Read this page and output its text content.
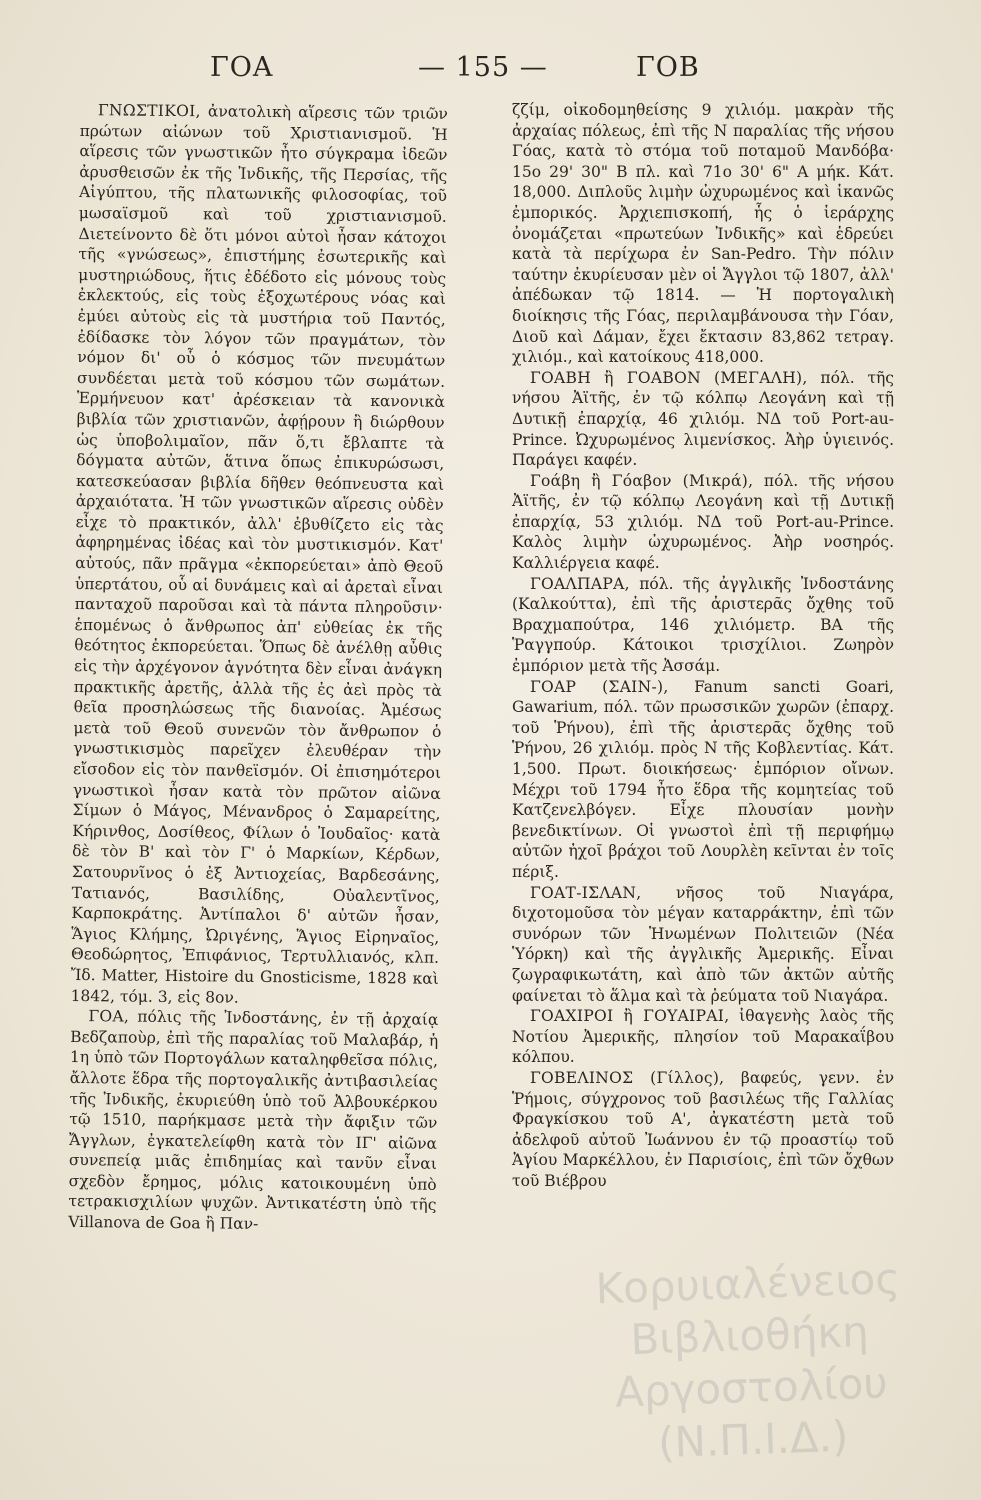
ΓΟΑ	— 155 —	ΓΟΒ

ΓΝΩΣΤΙΚΟΙ, ἀνατολικὴ αἵρεσις τῶν τριῶν πρώτων αἰώνων τοῦ Χριστιανισμοῦ. Ἡ αἵρεσις τῶν γνωστικῶν ἦτο σύγκραμα ἰδεῶν ἀρυσθεισῶν ἐκ τῆς Ἰνδικῆς, τῆς Περσίας, τῆς Αἰγύπτου, τῆς πλατωνικῆς φιλοσοφίας, τοῦ μωσαϊσμοῦ καὶ τοῦ χριστιανισμοῦ. Διετείνοντο δὲ ὅτι μόνοι αὐτοὶ ἦσαν κάτοχοι τῆς «γνώσεως», ἐπιστήμης ἐσωτερικῆς καὶ μυστηριώδους, ἥτις ἐδέδοτο εἰς μόνους τοὺς ἐκλεκτούς, εἰς τοὺς ἐξοχωτέρους νόας καὶ ἐμύει αὐτοὺς εἰς τὰ μυστήρια τοῦ Παντός, ἐδίδασκε τὸν λόγον τῶν πραγμάτων, τὸν νόμον δι' οὗ ὁ κόσμος τῶν πνευμάτων συνδέεται μετὰ τοῦ κόσμου τῶν σωμάτων. Ἑρμήνευον κατ' ἀρέσκειαν τὰ κανονικὰ βιβλία τῶν χριστιανῶν, ἀφῄρουν ἢ διώρθουν ὡς ὑποβολιμαῖον, πᾶν ὅ,τι ἔβλαπτε τὰ δόγματα αὐτῶν, ἅτινα ὅπως ἐπικυρώσωσι, κατεσκεύασαν βιβλία δῆθεν θεόπνευστα καὶ ἀρχαιότατα. Ἡ τῶν γνωστικῶν αἵρεσις οὐδὲν εἶχε τὸ πρακτικόν, ἀλλ' ἐβυθίζετο εἰς τὰς ἀφηρημένας ἰδέας καὶ τὸν μυστικισμόν. Κατ' αὐτούς, πᾶν πρᾶγμα «ἐκπορεύεται» ἀπὸ Θεοῦ ὑπερτάτου, οὗ αἱ δυνάμεις καὶ αἱ ἀρεταὶ εἶναι πανταχοῦ παροῦσαι καὶ τὰ πάντα πληροῦσιν· ἑπομένως ὁ ἄνθρωπος ἀπ' εὐθείας ἐκ τῆς θεότητος ἐκπορεύεται. Ὅπως δὲ ἀνέλθῃ αὖθις εἰς τὴν ἀρχέγονον ἁγνότητα δὲν εἶναι ἀνάγκη πρακτικῆς ἀρετῆς, ἀλλὰ τῆς ἐς ἀεὶ πρὸς τὰ θεῖα προσηλώσεως τῆς διανοίας. Ἀμέσως μετὰ τοῦ Θεοῦ συνενῶν τὸν ἄνθρωπον ὁ γνωστικισμὸς παρεῖχεν ἐλευθέραν τὴν εἴσοδον εἰς τὸν πανθεϊσμόν. Οἱ ἐπισημότεροι γνωστικοὶ ἦσαν κατὰ τὸν πρῶτον αἰῶνα Σίμων ὁ Μάγος, Μένανδρος ὁ Σαμαρείτης, Κήρινθος, Δοσίθεος, Φίλων ὁ Ἰουδαῖος· κατὰ δὲ τὸν Β' καὶ τὸν Γ' ὁ Μαρκίων, Κέρδων, Σατουρνῖνος ὁ ἐξ Ἀντιοχείας, Βαρδεσάνης, Τατιανός, Βασιλίδης, Οὐαλεντῖνος, Καρποκράτης. Ἀντίπαλοι δ' αὐτῶν ἦσαν, Ἅγιος Κλήμης, Ὠριγένης, Ἅγιος Εἰρηναῖος, Θεοδώρητος, Ἐπιφάνιος, Τερτυλλιανός, κλπ. Ἴδ. Matter, Histoire du Gnosticisme, 1828 καὶ 1842, τόμ. 3, εἰς 8ον.

ΓΟΑ, πόλις τῆς Ἰνδοστάνης, ἐν τῇ ἀρχαίᾳ Βεδζαποὺρ, ἐπὶ τῆς παραλίας τοῦ Μαλαβάρ, ἡ 1η ὑπὸ τῶν Πορτογάλων καταληφθεῖσα πόλις, ἄλλοτε ἕδρα τῆς πορτογαλικῆς ἀντιβασιλείας τῆς Ἰνδικῆς, ἐκυριεύθη ὑπὸ τοῦ Ἀλβουκέρκου τῷ 1510, παρήκμασε μετὰ τὴν ἄφιξιν τῶν Ἄγγλων, ἐγκατελείφθη κατὰ τὸν ΙΓ' αἰῶνα συνεπείᾳ μιᾶς ἐπιδημίας καὶ τανῦν εἶναι σχεδὸν ἔρημος, μόλις κατοικουμένη ὑπὸ τετρακισχιλίων ψυχῶν. Ἀντικατέστη ὑπὸ τῆς Villanova de Goa ἢ Παν-

ζζίμ, οἰκοδομηθείσης 9 χιλιόμ. μακρὰν τῆς ἀρχαίας πόλεως, ἐπὶ τῆς Ν παραλίας τῆς νήσου Γόας, κατὰ τὸ στόμα τοῦ ποταμοῦ Μανδόβα· 15ο 29' 30" Β πλ. καὶ 71ο 30' 6" Α μήκ. Κάτ. 18,000. Διπλοῦς λιμὴν ὠχυρωμένος καὶ ἱκανῶς ἐμπορικός. Ἀρχιεπισκοπή, ἧς ὁ ἱεράρχης ὀνομάζεται «πρωτεύων Ἰνδικῆς» καὶ ἑδρεύει κατὰ τὰ περίχωρα ἐν San-Pedro. Τὴν πόλιν ταύτην ἐκυρίευσαν μὲν οἱ Ἄγγλοι τῷ 1807, ἀλλ' ἀπέδωκαν τῷ 1814. — Ἡ πορτογαλικὴ διοίκησις τῆς Γόας, περιλαμβάνουσα τὴν Γόαν, Διοῦ καὶ Δάμαν, ἔχει ἔκτασιν 83,862 τετραγ. χιλιόμ., καὶ κατοίκους 418,000.

ΓΟΑΒΗ ἢ ΓΟΑΒΟΝ (ΜΕΓΑΛΗ), πόλ. τῆς νήσου Ἀϊτῆς, ἐν τῷ κόλπῳ Λεογάνη καὶ τῇ Δυτικῇ ἐπαρχίᾳ, 46 χιλιόμ. ΝΔ τοῦ Port-au-Prince. Ὠχυρωμένος λιμενίσκος. Ἀὴρ ὑγιεινός. Παράγει καφέν.

Γοάβη ἢ Γόαβον (Μικρά), πόλ. τῆς νήσου Ἀϊτῆς, ἐν τῷ κόλπῳ Λεογάνη καὶ τῇ Δυτικῇ ἐπαρχίᾳ, 53 χιλιόμ. ΝΔ τοῦ Port-au-Prince. Καλὸς λιμὴν ὠχυρωμένος. Ἀὴρ νοσηρός. Καλλιέργεια καφέ.

ΓΟΑΛΠΑΡΑ, πόλ. τῆς ἀγγλικῆς Ἰνδοστάνης (Καλκούττα), ἐπὶ τῆς ἀριστερᾶς ὄχθης τοῦ Βραχμαπούτρα, 146 χιλιόμετρ. ΒΑ τῆς Ῥαγγπούρ. Κάτοικοι τρισχίλιοι. Ζωηρὸν ἐμπόριον μετὰ τῆς Ἀσσάμ.

ΓΟΑΡ (ΣΑΙΝ-), Fanum sancti Goari, Gawarium, πόλ. τῶν πρωσσικῶν χωρῶν (ἐπαρχ. τοῦ Ῥήνου), ἐπὶ τῆς ἀριστερᾶς ὄχθης τοῦ Ῥήνου, 26 χιλιόμ. πρὸς Ν τῆς Κοβλεντίας. Κάτ. 1,500. Πρωτ. διοικήσεως· ἐμπόριον οἴνων. Μέχρι τοῦ 1794 ἦτο ἕδρα τῆς κομητείας τοῦ Κατζενελβόγεν. Εἶχε πλουσίαν μονὴν βενεδικτίνων. Οἱ γνωστοὶ ἐπὶ τῇ περιφήμῳ αὐτῶν ἠχοῖ βράχοι τοῦ Λουρλὲη κεῖνται ἐν τοῖς πέριξ.

ΓΟΑΤ-ΙΣΛΑΝ, νῆσος τοῦ Νιαγάρα, διχοτομοῦσα τὸν μέγαν καταρράκτην, ἐπὶ τῶν συνόρων τῶν Ἡνωμένων Πολιτειῶν (Νέα Ὑόρκη) καὶ τῆς ἀγγλικῆς Ἀμερικῆς. Εἶναι ζωγραφικωτάτη, καὶ ἀπὸ τῶν ἀκτῶν αὐτῆς φαίνεται τὸ ἅλμα καὶ τὰ ῥεύματα τοῦ Νιαγάρα.

ΓΟΑΧΙΡΟΙ ἢ ΓΟΥΑΙΡΑΙ, ἰθαγενὴς λαὸς τῆς Νοτίου Ἀμερικῆς, πλησίον τοῦ Μαρακαΐβου κόλπου.

ΓΟΒΕΛΙΝΟΣ (Γίλλος), βαφεύς, γενν. ἐν Ῥήμοις, σύγχρονος τοῦ βασιλέως τῆς Γαλλίας Φραγκίσκου τοῦ Α', ἀγκατέστη μετὰ τοῦ ἀδελφοῦ αὐτοῦ Ἰωάννου ἐν τῷ προαστίῳ τοῦ Ἁγίου Μαρκέλλου, ἐν Παρισίοις, ἐπὶ τῶν ὄχθων τοῦ Βιέβρου

Κορυιαλένειος Βιβλιοθήκη Αργοστολίου (Ν.Π.Ι.Δ.)
